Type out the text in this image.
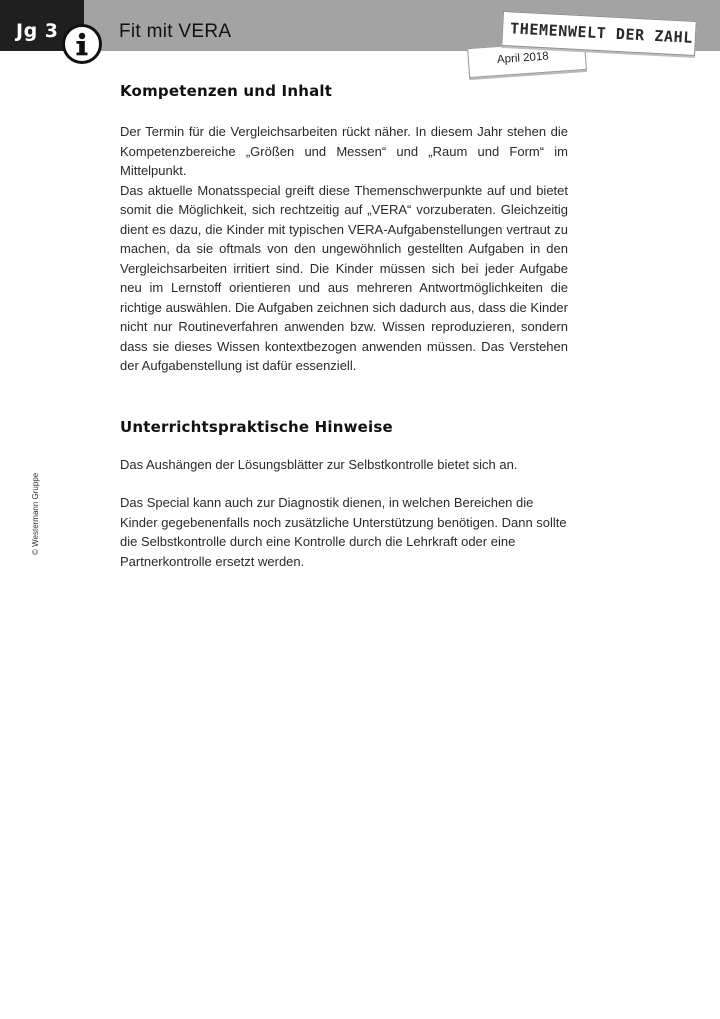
Jg 3	Fit mit VERA
April 2018
THEMENWELT DER ZAHL
© Westermann Gruppe
Kompetenzen und Inhalt

Der Termin für die Vergleichsarbeiten rückt näher. In diesem Jahr stehen die Kompetenzbereiche „Größen und Messen“ und „Raum und Form“ im Mittelpunkt.

Das aktuelle Monatsspecial greift diese Themenschwerpunkte auf und bietet somit die Möglichkeit, sich rechtzeitig auf „VERA“ vorzuberaten. Gleichzeitig dient es dazu, die Kinder mit typischen VERA-Aufgabenstellungen vertraut zu machen, da sie oftmals von den ungewöhnlich gestellten Aufgaben in den Vergleichsarbeiten irritiert sind. Die Kinder müssen sich bei jeder Aufgabe neu im Lernstoff orientieren und aus mehreren Antwortmöglichkeiten die richtige auswählen. Die Aufgaben zeichnen sich dadurch aus, dass die Kinder nicht nur Routineverfahren anwenden bzw. Wissen reproduzieren, sondern dass sie dieses Wissen kontextbezogen anwenden müssen. Das Verstehen der Aufgabenstellung ist dafür essenziell.

Unterrichtspraktische Hinweise

Das Aushängen der Lösungsblätter zur Selbstkontrolle bietet sich an.

Das Special kann auch zur Diagnostik dienen, in welchen Bereichen die Kinder gegebenenfalls noch zusätzliche Unterstützung benötigen. Dann sollte die Selbstkontrolle durch eine Kontrolle durch die Lehrkraft oder eine Partnerkontrolle ersetzt werden.
